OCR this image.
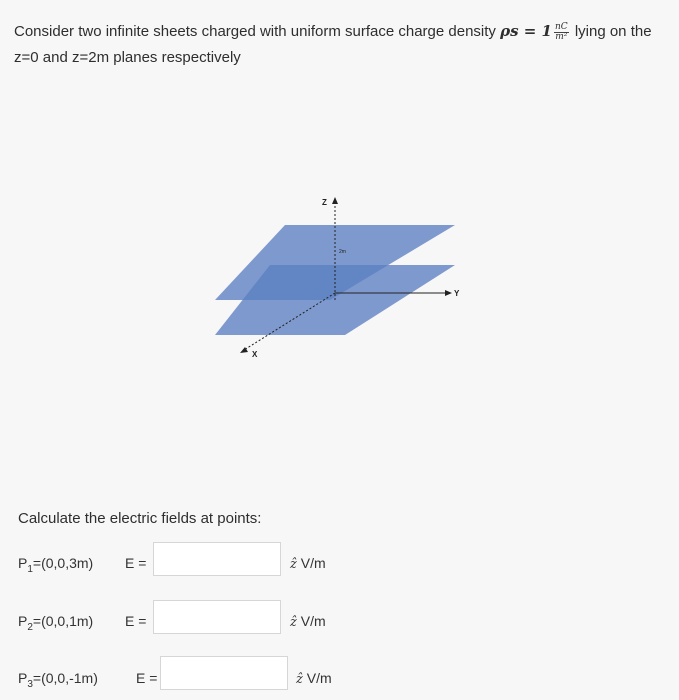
Consider two infinite sheets charged with uniform surface charge density $\rho s = 1 \frac{nC}{\text{m²}}$ lying on the
z=0 and z=2m planes respectively
Z
Y
X
2m
Calculate the electric fields at points:
$P_1=(0,0,3m)$	E =	ẑ V/m
$P_2=(0,0,1m)$	E =	ẑ V/m
$P_3=(0,0,-1m)$	E =	ẑ V/m
